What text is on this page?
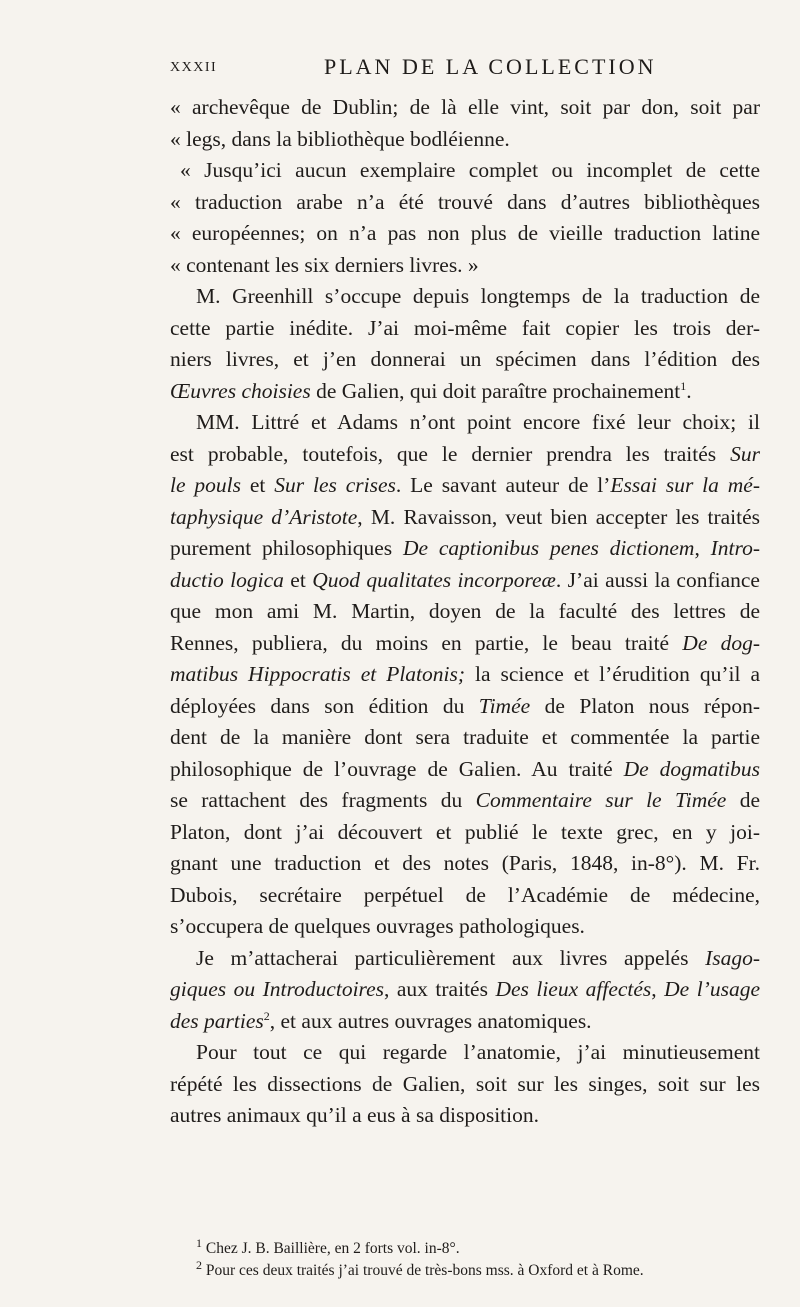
XXXII	PLAN DE LA COLLECTION
« archevêque de Dublin; de là elle vint, soit par don, soit par
« legs, dans la bibliothèque bodléienne.
« Jusqu’ici aucun exemplaire complet ou incomplet de cette
« traduction arabe n’a été trouvé dans d’autres bibliothèques
« européennes; on n’a pas non plus de vieille traduction latine
« contenant les six derniers livres. »
M. Greenhill s’occupe depuis longtemps de la traduction de
cette partie inédite. J’ai moi-même fait copier les trois der-
niers livres, et j’en donnerai un spécimen dans l’édition des
Œuvres choisies de Galien, qui doit paraître prochainement$^1$.
MM. Littré et Adams n’ont point encore fixé leur choix; il
est probable, toutefois, que le dernier prendra les traités Sur
le pouls et Sur les crises. Le savant auteur de l’Essai sur la mé-
taphysique d’Aristote, M. Ravaisson, veut bien accepter les traités
purement philosophiques De captionibus penes dictionem, Intro-
ductio logica et Quod qualitates incorporeæ. J’ai aussi la confiance
que mon ami M. Martin, doyen de la faculté des lettres de
Rennes, publiera, du moins en partie, le beau traité De dog-
matibus Hippocratis et Platonis; la science et l’érudition qu’il a
déployées dans son édition du Timée de Platon nous répon-
dent de la manière dont sera traduite et commentée la partie
philosophique de l’ouvrage de Galien. Au traité De dogmatibus
se rattachent des fragments du Commentaire sur le Timée de
Platon, dont j’ai découvert et publié le texte grec, en y joi-
gnant une traduction et des notes (Paris, 1848, in-8°). M. Fr.
Dubois, secrétaire perpétuel de l’Académie de médecine,
s’occupera de quelques ouvrages pathologiques.
Je m’attacherai particulièrement aux livres appelés Isago-
giques ou Introductoires, aux traités Des lieux affectés, De l’usage
des parties$^2$, et aux autres ouvrages anatomiques.
Pour tout ce qui regarde l’anatomie, j’ai minutieusement
répété les dissections de Galien, soit sur les singes, soit sur les
autres animaux qu’il a eus à sa disposition.
$^1$ Chez J. B. Baillière, en 2 forts vol. in-8°.
$^2$ Pour ces deux traités j’ai trouvé de très-bons mss. à Oxford et à Rome.
